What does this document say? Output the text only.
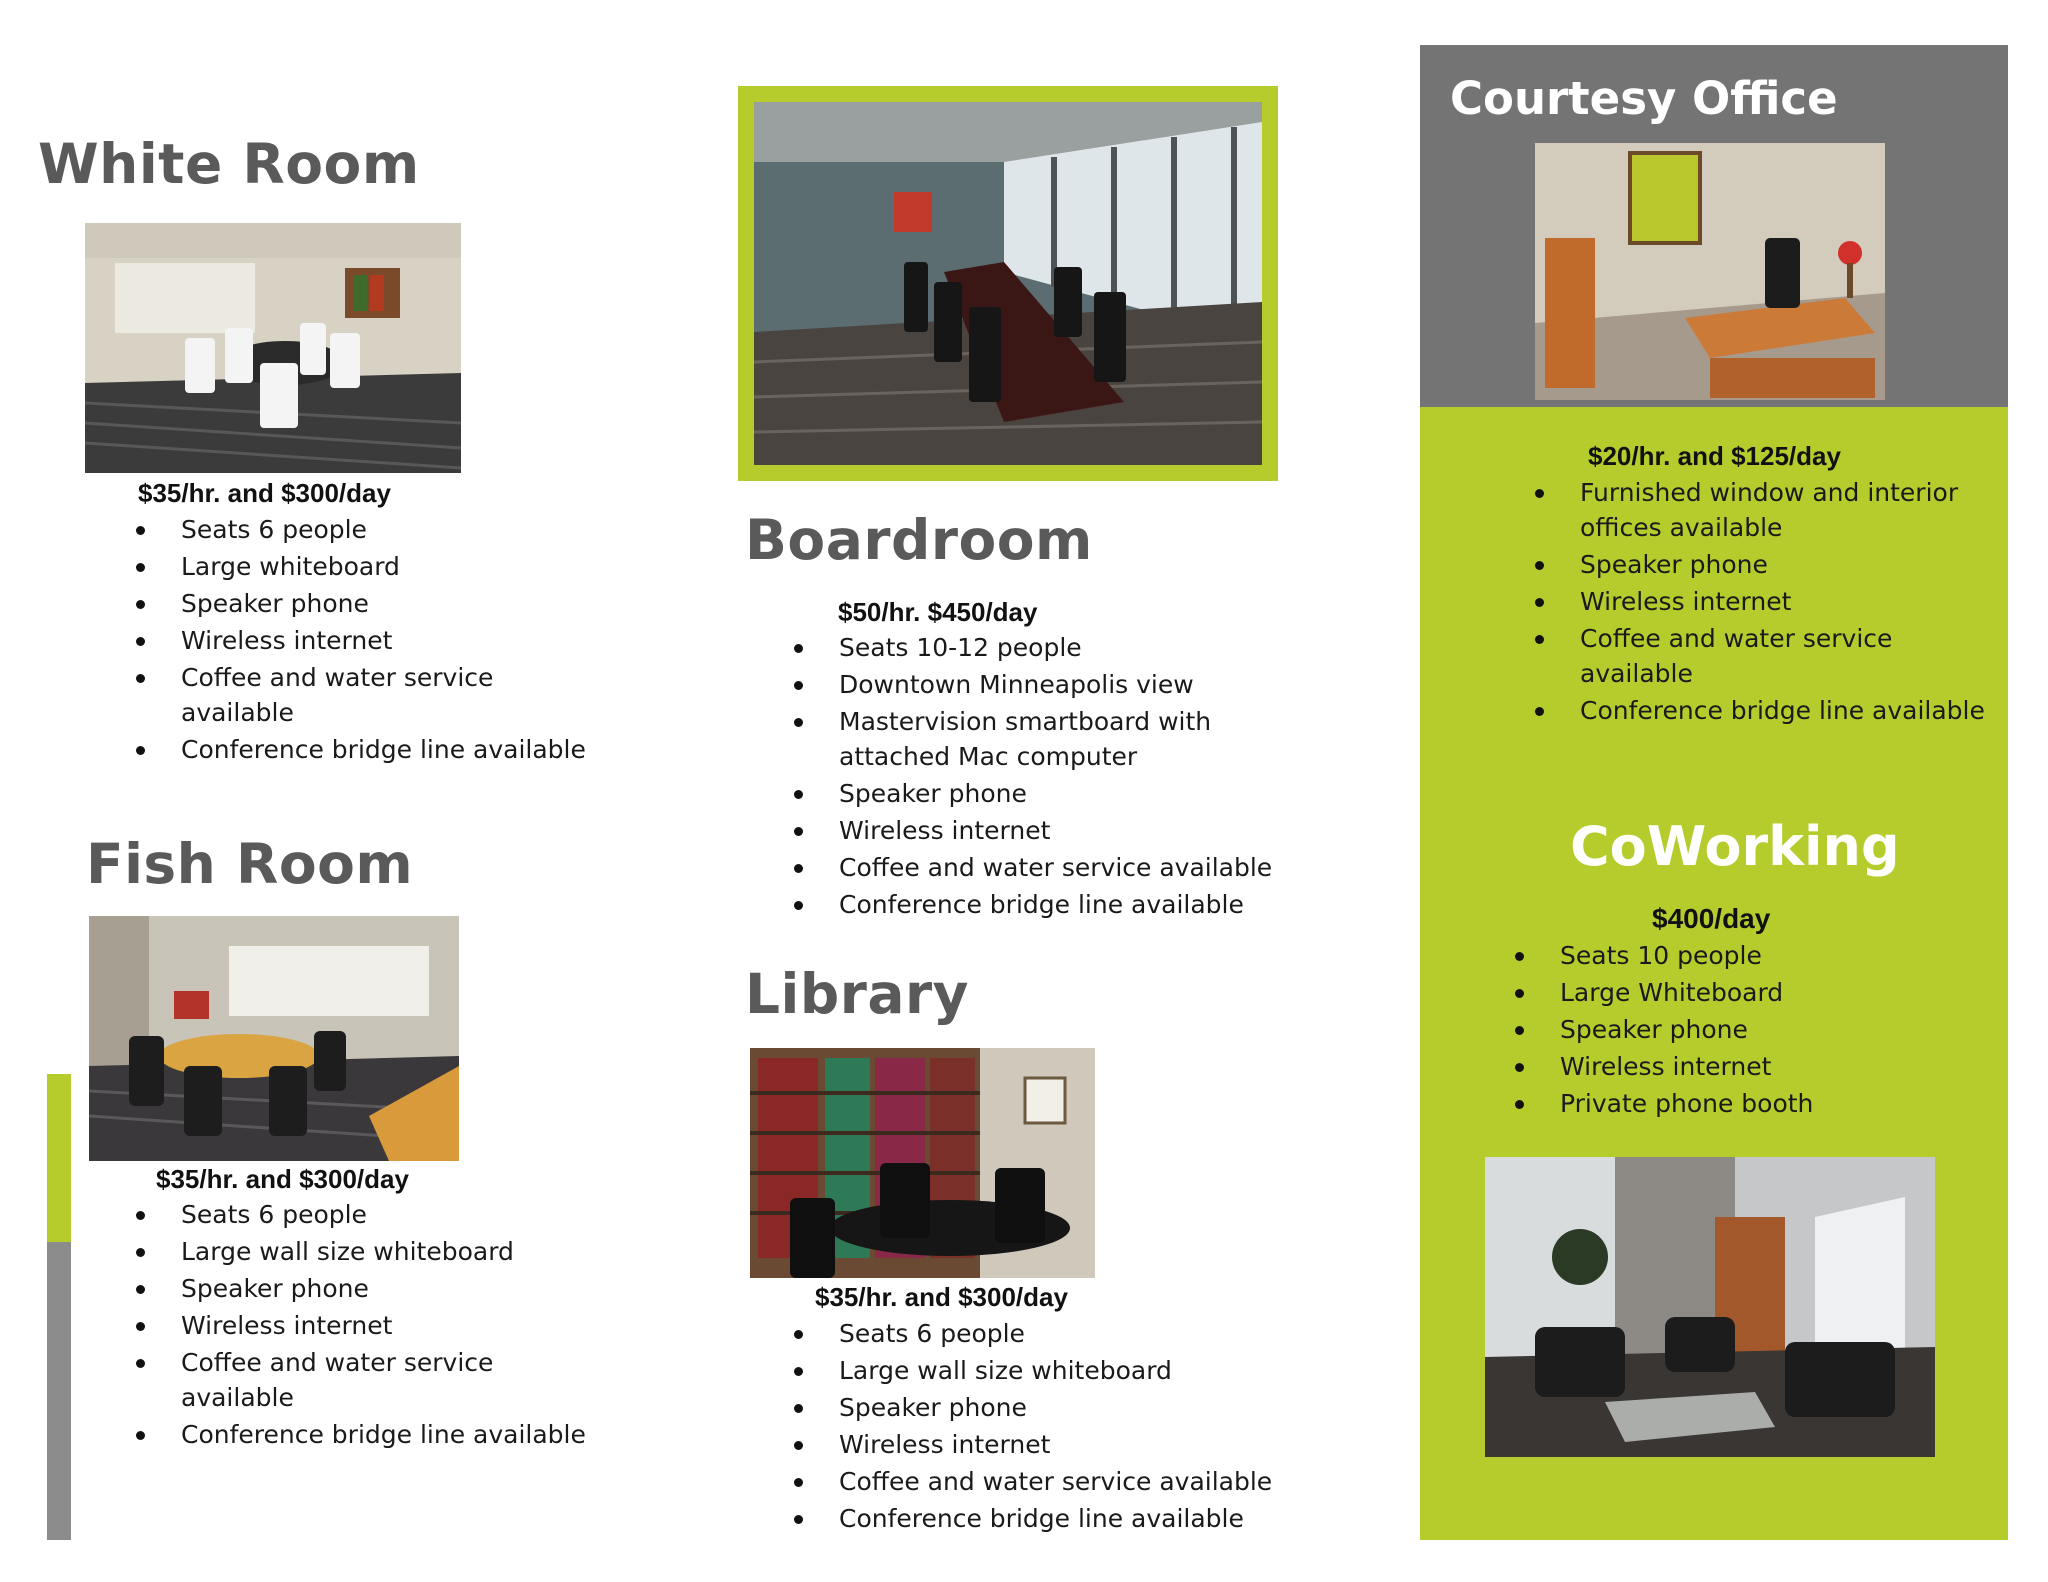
White Room

$35/hr. and $300/day

Seats 6 people
Large whiteboard
Speaker phone
Wireless internet
Coffee and water service available
Conference bridge line available
Fish Room

$35/hr. and $300/day

Seats 6 people
Large wall size whiteboard
Speaker phone
Wireless internet
Coffee and water service available
Conference bridge line available
Boardroom

$50/hr. $450/day

Seats 10-12 people
Downtown Minneapolis view
Mastervision smartboard with attached Mac computer
Speaker phone
Wireless internet
Coffee and water service available
Conference bridge line available
Library

$35/hr. and $300/day

Seats 6 people
Large wall size whiteboard
Speaker phone
Wireless internet
Coffee and water service available
Conference bridge line available
Courtesy Office

$20/hr. and $125/day

Furnished window and interior offices available
Speaker phone
Wireless internet
Coffee and water service available
Conference bridge line available
CoWorking

$400/day

Seats 10 people
Large Whiteboard
Speaker phone
Wireless internet
Private phone booth
